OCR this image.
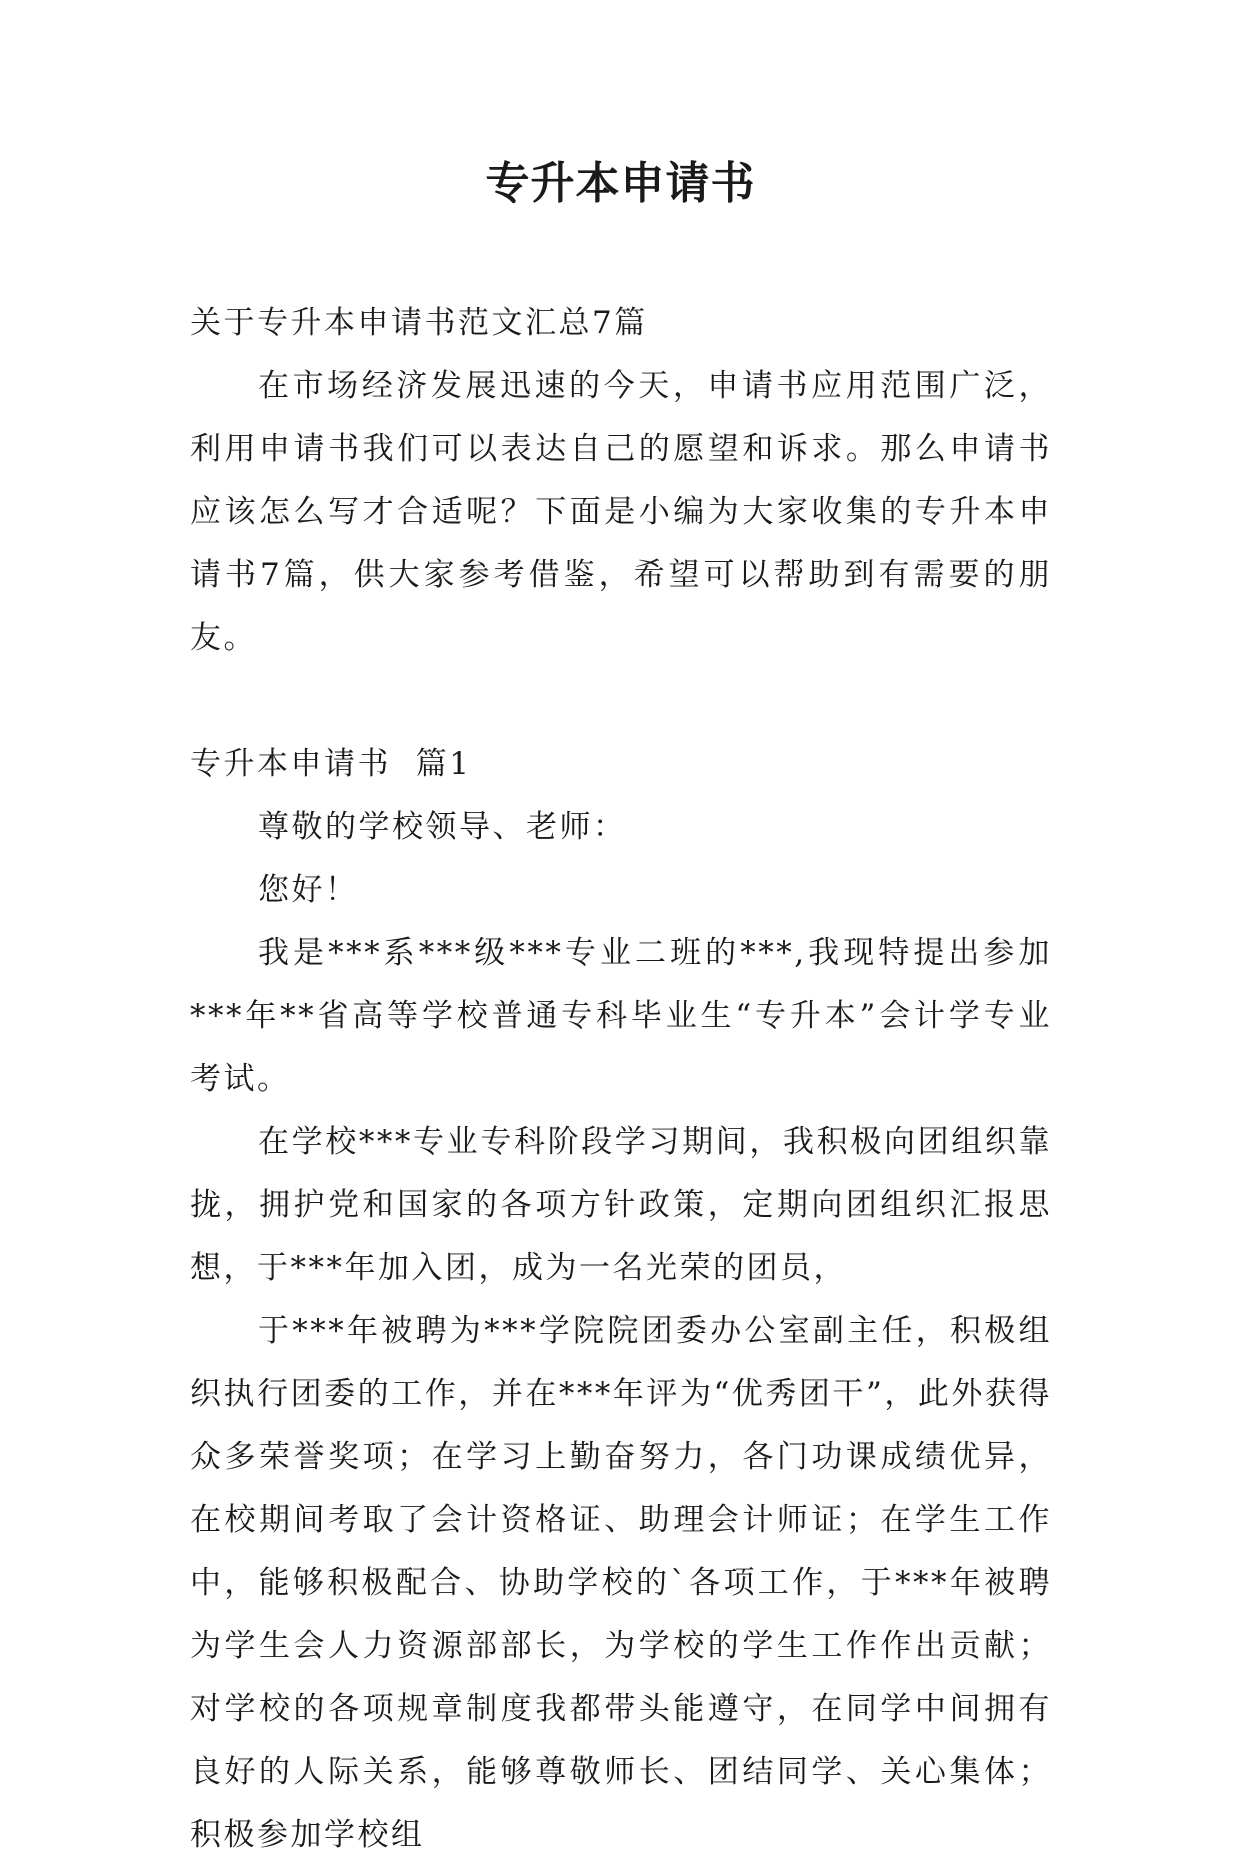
专升本申请书

关于专升本申请书范文汇总7篇

在市场经济发展迅速的今天，申请书应用范围广泛，利用申请书我们可以表达自己的愿望和诉求。那么申请书应该怎么写才合适呢？下面是小编为大家收集的专升本申请书7篇，供大家参考借鉴，希望可以帮助到有需要的朋友。

专升本申请书  篇1

尊敬的学校领导、老师：

您好！

我是***系***级***专业二班的***,我现特提出参加***年**省高等学校普通专科毕业生“专升本”会计学专业考试。

在学校***专业专科阶段学习期间，我积极向团组织靠拢，拥护党和国家的各项方针政策，定期向团组织汇报思想，于***年加入团，成为一名光荣的团员，

于***年被聘为***学院院团委办公室副主任，积极组织执行团委的工作，并在***年评为“优秀团干”，此外获得众多荣誉奖项；在学习上勤奋努力，各门功课成绩优异，在校期间考取了会计资格证、助理会计师证；在学生工作中，能够积极配合、协助学校的`各项工作，于***年被聘为学生会人力资源部部长，为学校的学生工作作出贡献；对学校的各项规章制度我都带头能遵守，在同学中间拥有良好的人际关系，能够尊敬师长、团结同学、关心集体；积极参加学校组
